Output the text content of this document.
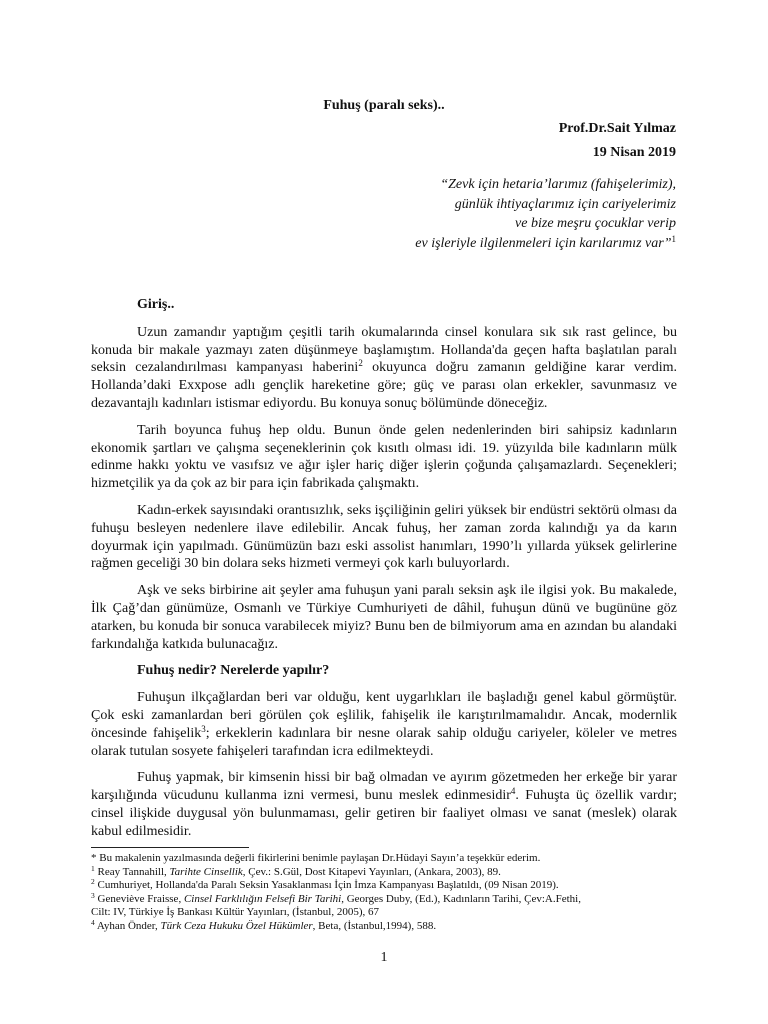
Fuhuş (paralı seks)..
Prof.Dr.Sait Yılmaz
19 Nisan 2019
“Zevk için hetaria’larımız (fahişelerimiz),
günlük ihtiyaçlarımız için cariyelerimiz
ve bize meşru çocuklar verip
ev işleriyle ilgilenmeleri için karılarımız var”$^1$
Giriş..

Uzun zamandır yaptığım çeşitli tarih okumalarında cinsel konulara sık sık rast gelince, bu konuda bir makale yazmayı zaten düşünmeye başlamıştım. Hollanda'da geçen hafta başlatılan paralı seksin cezalandırılması kampanyası haberini$^2$ okuyunca doğru zamanın geldiğine karar verdim. Hollanda’daki Exxpose adlı gençlik hareketine göre; güç ve parası olan erkekler, savunmasız ve dezavantajlı kadınları istismar ediyordu. Bu konuya sonuç bölümünde döneceğiz.

Tarih boyunca fuhuş hep oldu. Bunun önde gelen nedenlerinden biri sahipsiz kadınların ekonomik şartları ve çalışma seçeneklerinin çok kısıtlı olması idi. 19. yüzyılda bile kadınların mülk edinme hakkı yoktu ve vasıfsız ve ağır işler hariç diğer işlerin çoğunda çalışamazlardı. Seçenekleri; hizmetçilik ya da çok az bir para için fabrikada çalışmaktı.

Kadın-erkek sayısındaki orantısızlık, seks işçiliğinin geliri yüksek bir endüstri sektörü olması da fuhuşu besleyen nedenlere ilave edilebilir. Ancak fuhuş, her zaman zorda kalındığı ya da karın doyurmak için yapılmadı. Günümüzün bazı eski assolist hanımları, 1990’lı yıllarda yüksek gelirlerine rağmen geceliği 30 bin dolara seks hizmeti vermeyi çok karlı buluyorlardı.

Aşk ve seks birbirine ait şeyler ama fuhuşun yani paralı seksin aşk ile ilgisi yok. Bu makalede, İlk Çağ’dan günümüze, Osmanlı ve Türkiye Cumhuriyeti de dâhil, fuhuşun dünü ve bugününe göz atarken, bu konuda bir sonuca varabilecek miyiz? Bunu ben de bilmiyorum ama en azından bu alandaki farkındalığa katkıda bulunacağız.

Fuhuş nedir? Nerelerde yapılır?

Fuhuşun ilkçağlardan beri var olduğu, kent uygarlıkları ile başladığı genel kabul görmüştür. Çok eski zamanlardan beri görülen çok eşlilik, fahişelik ile karıştırılmamalıdır. Ancak, modernlik öncesinde fahişelik$^3$; erkeklerin kadınlara bir nesne olarak sahip olduğu cariyeler, köleler ve metres olarak tutulan sosyete fahişeleri tarafından icra edilmekteydi.

Fuhuş yapmak, bir kimsenin hissi bir bağ olmadan ve ayırım gözetmeden her erkeğe bir yarar karşılığında vücudunu kullanma izni vermesi, bunu meslek edinmesidir$^4$. Fuhuşta üç özellik vardır; cinsel ilişkide duygusal yön bulunmaması, gelir getiren bir faaliyet olması ve sanat (meslek) olarak kabul edilmesidir.

* Bu makalenin yazılmasında değerli fikirlerini benimle paylaşan Dr.Hüdayi Sayın’a teşekkür ederim.
$^1$ Reay Tannahill, Tarihte Cinsellik, Çev.: S.Gül, Dost Kitapevi Yayınları, (Ankara, 2003), 89.
$^2$ Cumhuriyet, Hollanda'da Paralı Seksin Yasaklanması İçin İmza Kampanyası Başlatıldı, (09 Nisan 2019).
$^3$ Geneviève Fraisse, Cinsel Farklılığın Felsefi Bir Tarihi, Georges Duby, (Ed.), Kadınların Tarihi, Çev:A.Fethi,
Cilt: IV, Türkiye İş Bankası Kültür Yayınları, (İstanbul, 2005), 67
$^4$ Ayhan Önder, Türk Ceza Hukuku Özel Hükümler, Beta, (İstanbul,1994), 588.
1
